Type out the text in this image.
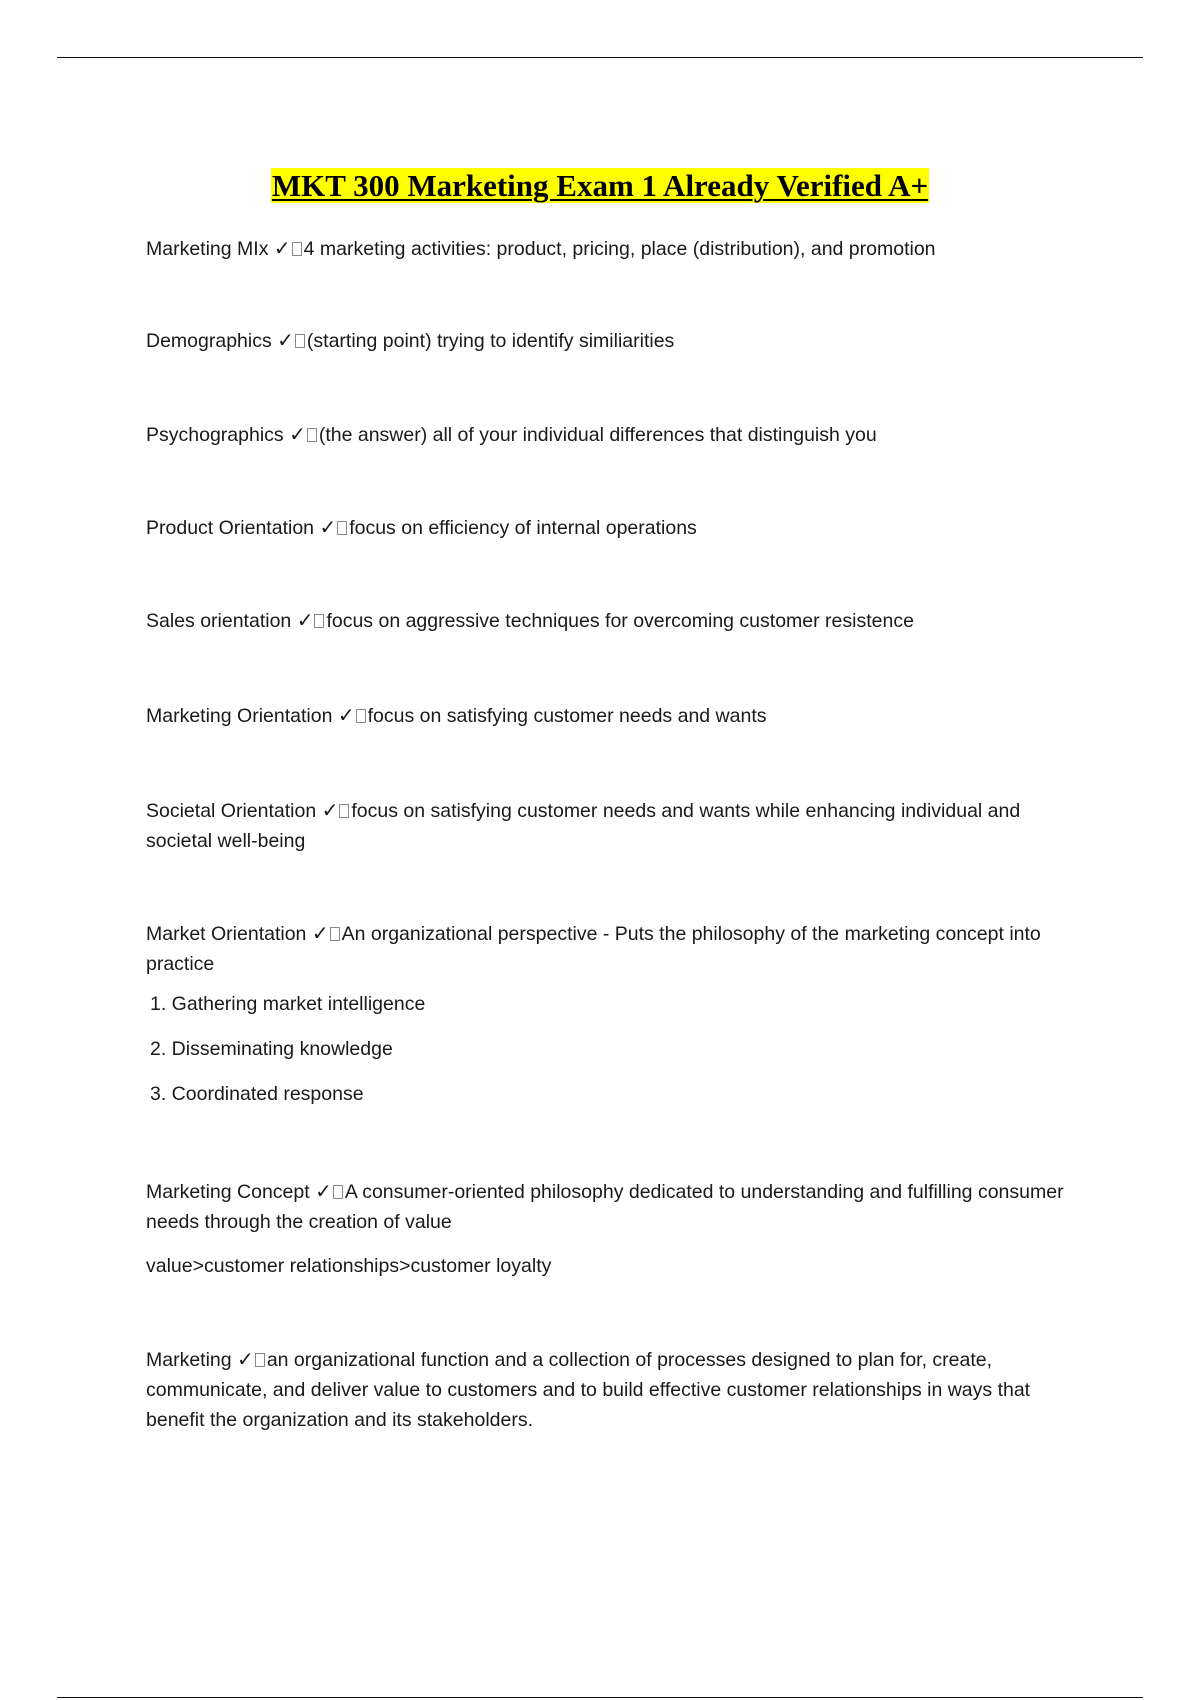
MKT 300 Marketing Exam 1 Already Verified A+

Marketing MIx ✓ 4 marketing activities: product, pricing, place (distribution), and promotion

Demographics ✓ (starting point) trying to identify similiarities

Psychographics ✓ (the answer) all of your individual differences that distinguish you

Product Orientation ✓ focus on efficiency of internal operations

Sales orientation ✓ focus on aggressive techniques for overcoming customer resistence

Marketing Orientation ✓ focus on satisfying customer needs and wants

Societal Orientation ✓ focus on satisfying customer needs and wants while enhancing individual and societal well-being

Market Orientation ✓ An organizational perspective - Puts the philosophy of the marketing concept into practice

1. Gathering market intelligence
2. Disseminating knowledge
3. Coordinated response

Marketing Concept ✓ A consumer-oriented philosophy dedicated to understanding and fulfilling consumer needs through the creation of value

value>customer relationships>customer loyalty

Marketing ✓ an organizational function and a collection of processes designed to plan for, create, communicate, and deliver value to customers and to build effective customer relationships in ways that benefit the organization and its stakeholders.
